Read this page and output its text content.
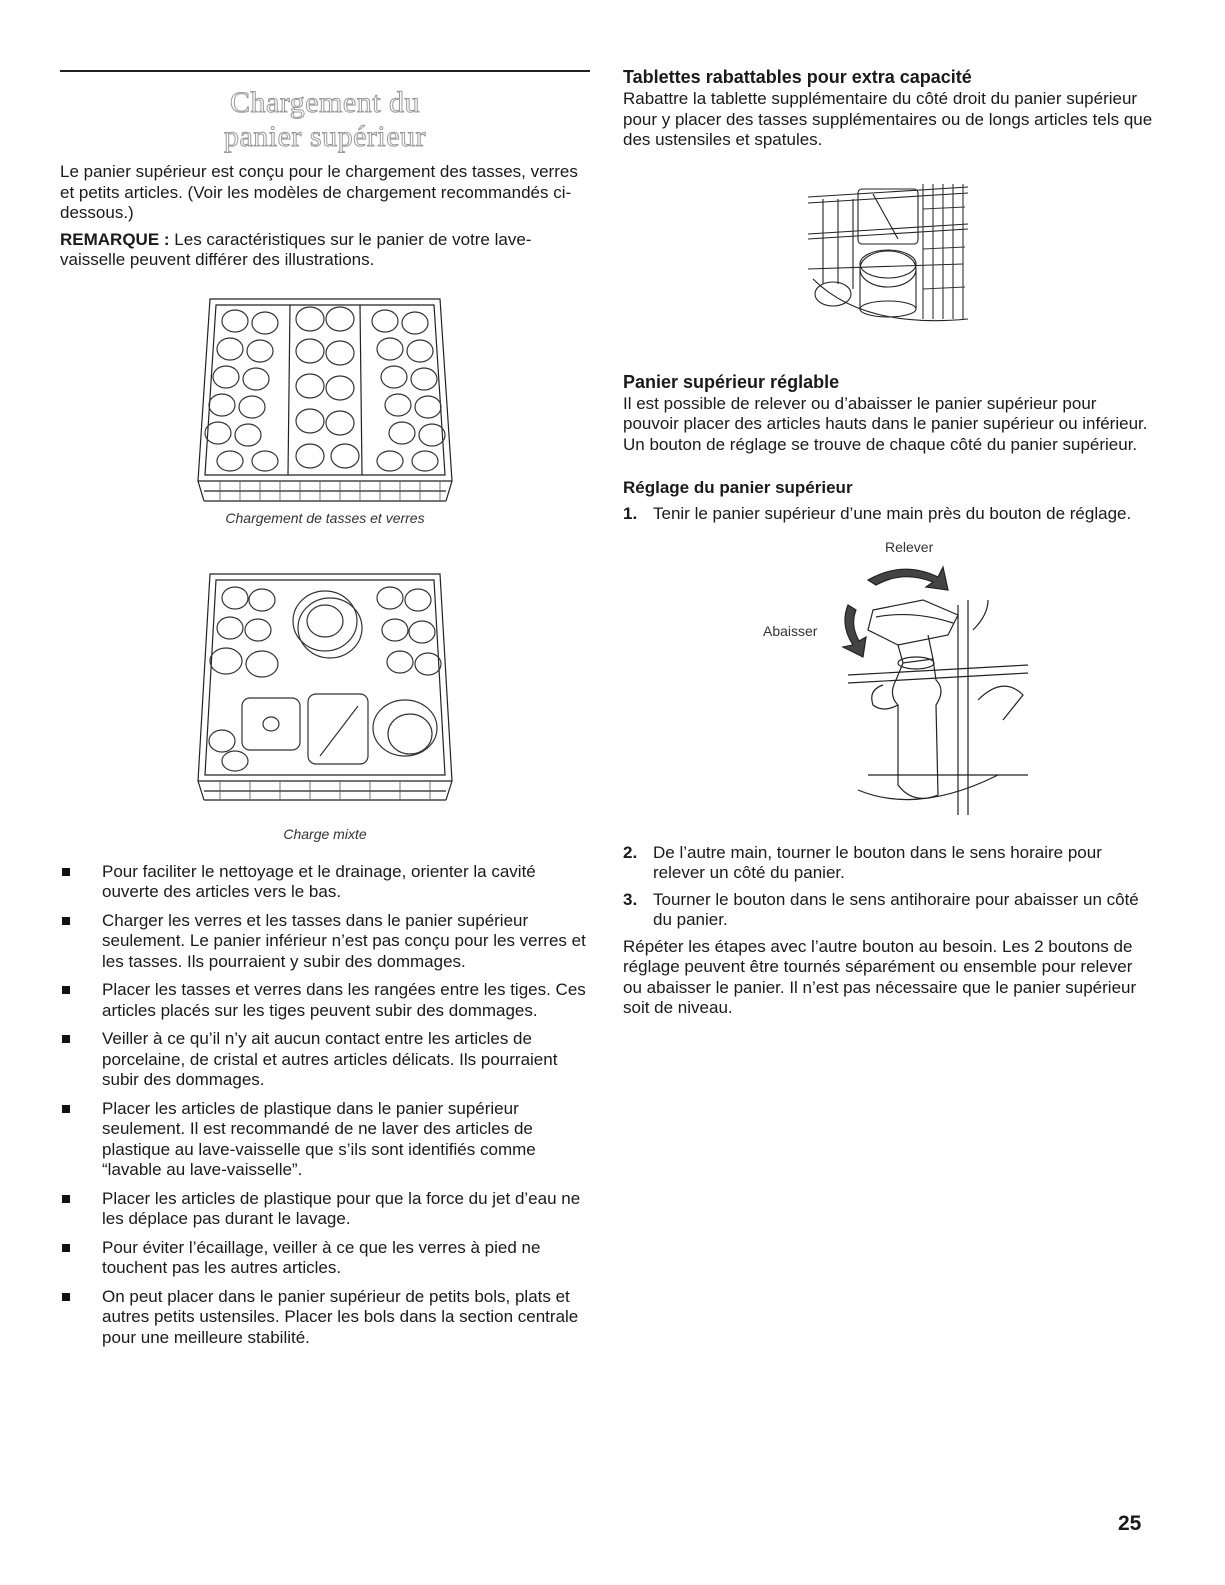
Chargement du
panier supérieur

Le panier supérieur est conçu pour le chargement des tasses, verres et petits articles. (Voir les modèles de chargement recommandés ci-dessous.)

REMARQUE : Les caractéristiques sur le panier de votre lave-vaisselle peuvent différer des illustrations.

Chargement de tasses et verres

Charge mixte

Pour faciliter le nettoyage et le drainage, orienter la cavité ouverte des articles vers le bas.
Charger les verres et les tasses dans le panier supérieur seulement. Le panier inférieur n’est pas conçu pour les verres et les tasses. Ils pourraient y subir des dommages.
Placer les tasses et verres dans les rangées entre les tiges. Ces articles placés sur les tiges peuvent subir des dommages.
Veiller à ce qu’il n’y ait aucun contact entre les articles de porcelaine, de cristal et autres articles délicats. Ils pourraient subir des dommages.
Placer les articles de plastique dans le panier supérieur seulement. Il est recommandé de ne laver des articles de plastique au lave-vaisselle que s’ils sont identifiés comme “lavable au lave-vaisselle”.
Placer les articles de plastique pour que la force du jet d’eau ne les déplace pas durant le lavage.
Pour éviter l’écaillage, veiller à ce que les verres à pied ne touchent pas les autres articles.
On peut placer dans le panier supérieur de petits bols, plats et autres petits ustensiles. Placer les bols dans la section centrale pour une meilleure stabilité.
Tablettes rabattables pour extra capacité

Rabattre la tablette supplémentaire du côté droit du panier supérieur pour y placer des tasses supplémentaires ou de longs articles tels que des ustensiles et spatules.

Panier supérieur réglable

Il est possible de relever ou d’abaisser le panier supérieur pour pouvoir placer des articles hauts dans le panier supérieur ou inférieur. Un bouton de réglage se trouve de chaque côté du panier supérieur.

Réglage du panier supérieur
1. Tenir le panier supérieur d’une main près du bouton de réglage.
Relever
Abaisser
2. De l’autre main, tourner le bouton dans le sens horaire pour relever un côté du panier.
3. Tourner le bouton dans le sens antihoraire pour abaisser un côté du panier.

Répéter les étapes avec l’autre bouton au besoin. Les 2 boutons de réglage peuvent être tournés séparément ou ensemble pour relever ou abaisser le panier. Il n’est pas nécessaire que le panier supérieur soit de niveau.

25
